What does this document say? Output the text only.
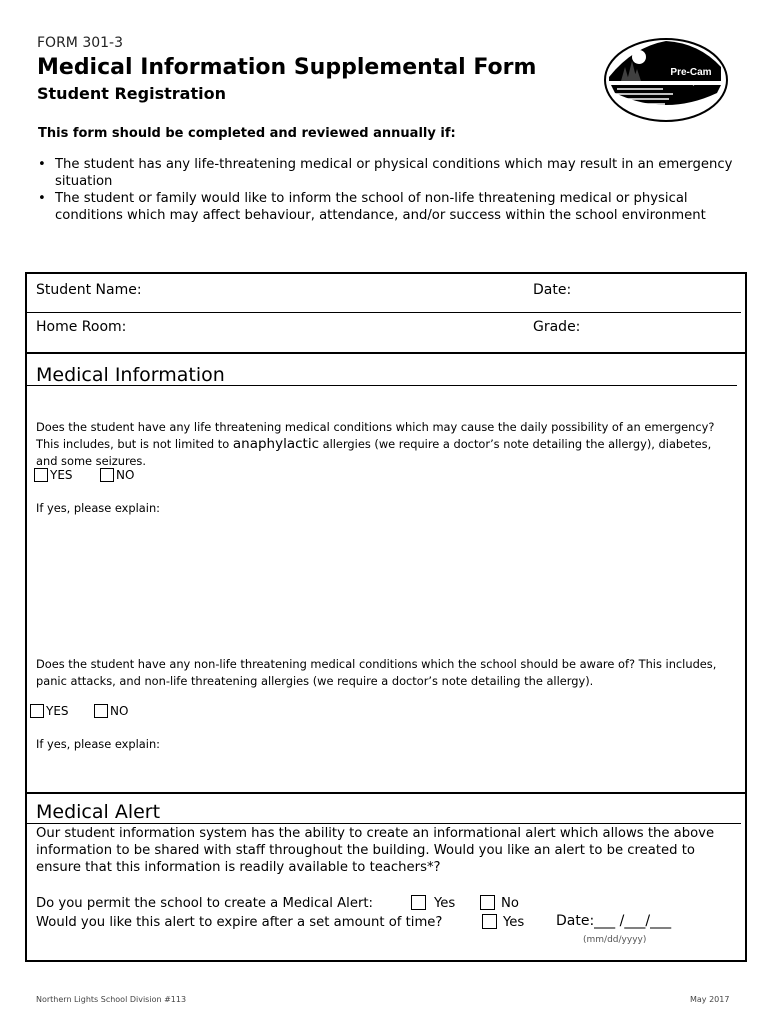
FORM 301-3
Medical Information Supplemental Form
Student Registration
Pre-Cam
Community School
This form should be completed and reviewed annually if:
• The student has any life-threatening medical or physical conditions which may result in an emergency situation
• The student or family would like to inform the school of non-life threatening medical or physical conditions which may affect behaviour, attendance, and/or success within the school environment
Student Name:	Date:
Home Room:	Grade:
Medical Information
Does the student have any life threatening medical conditions which may cause the daily possibility of an emergency? This includes, but is not limited to anaphylactic allergies (we require a doctor’s note detailing the allergy), diabetes, and some seizures.
YES	NO
If yes, please explain:
Does the student have any non-life threatening medical conditions which the school should be aware of? This includes, panic attacks, and non-life threatening allergies (we require a doctor’s note detailing the allergy).
YES	NO
If yes, please explain:
Medical Alert
Our student information system has the ability to create an informational alert which allows the above information to be shared with staff throughout the building. Would you like an alert to be created to ensure that this information is readily available to teachers*?
Do you permit the school to create a Medical Alert:	Yes	No
Would you like this alert to expire after a set amount of time?	Yes Date:___ /___/___
(mm/dd/yyyy)
Northern Lights School Division #113	May 2017
